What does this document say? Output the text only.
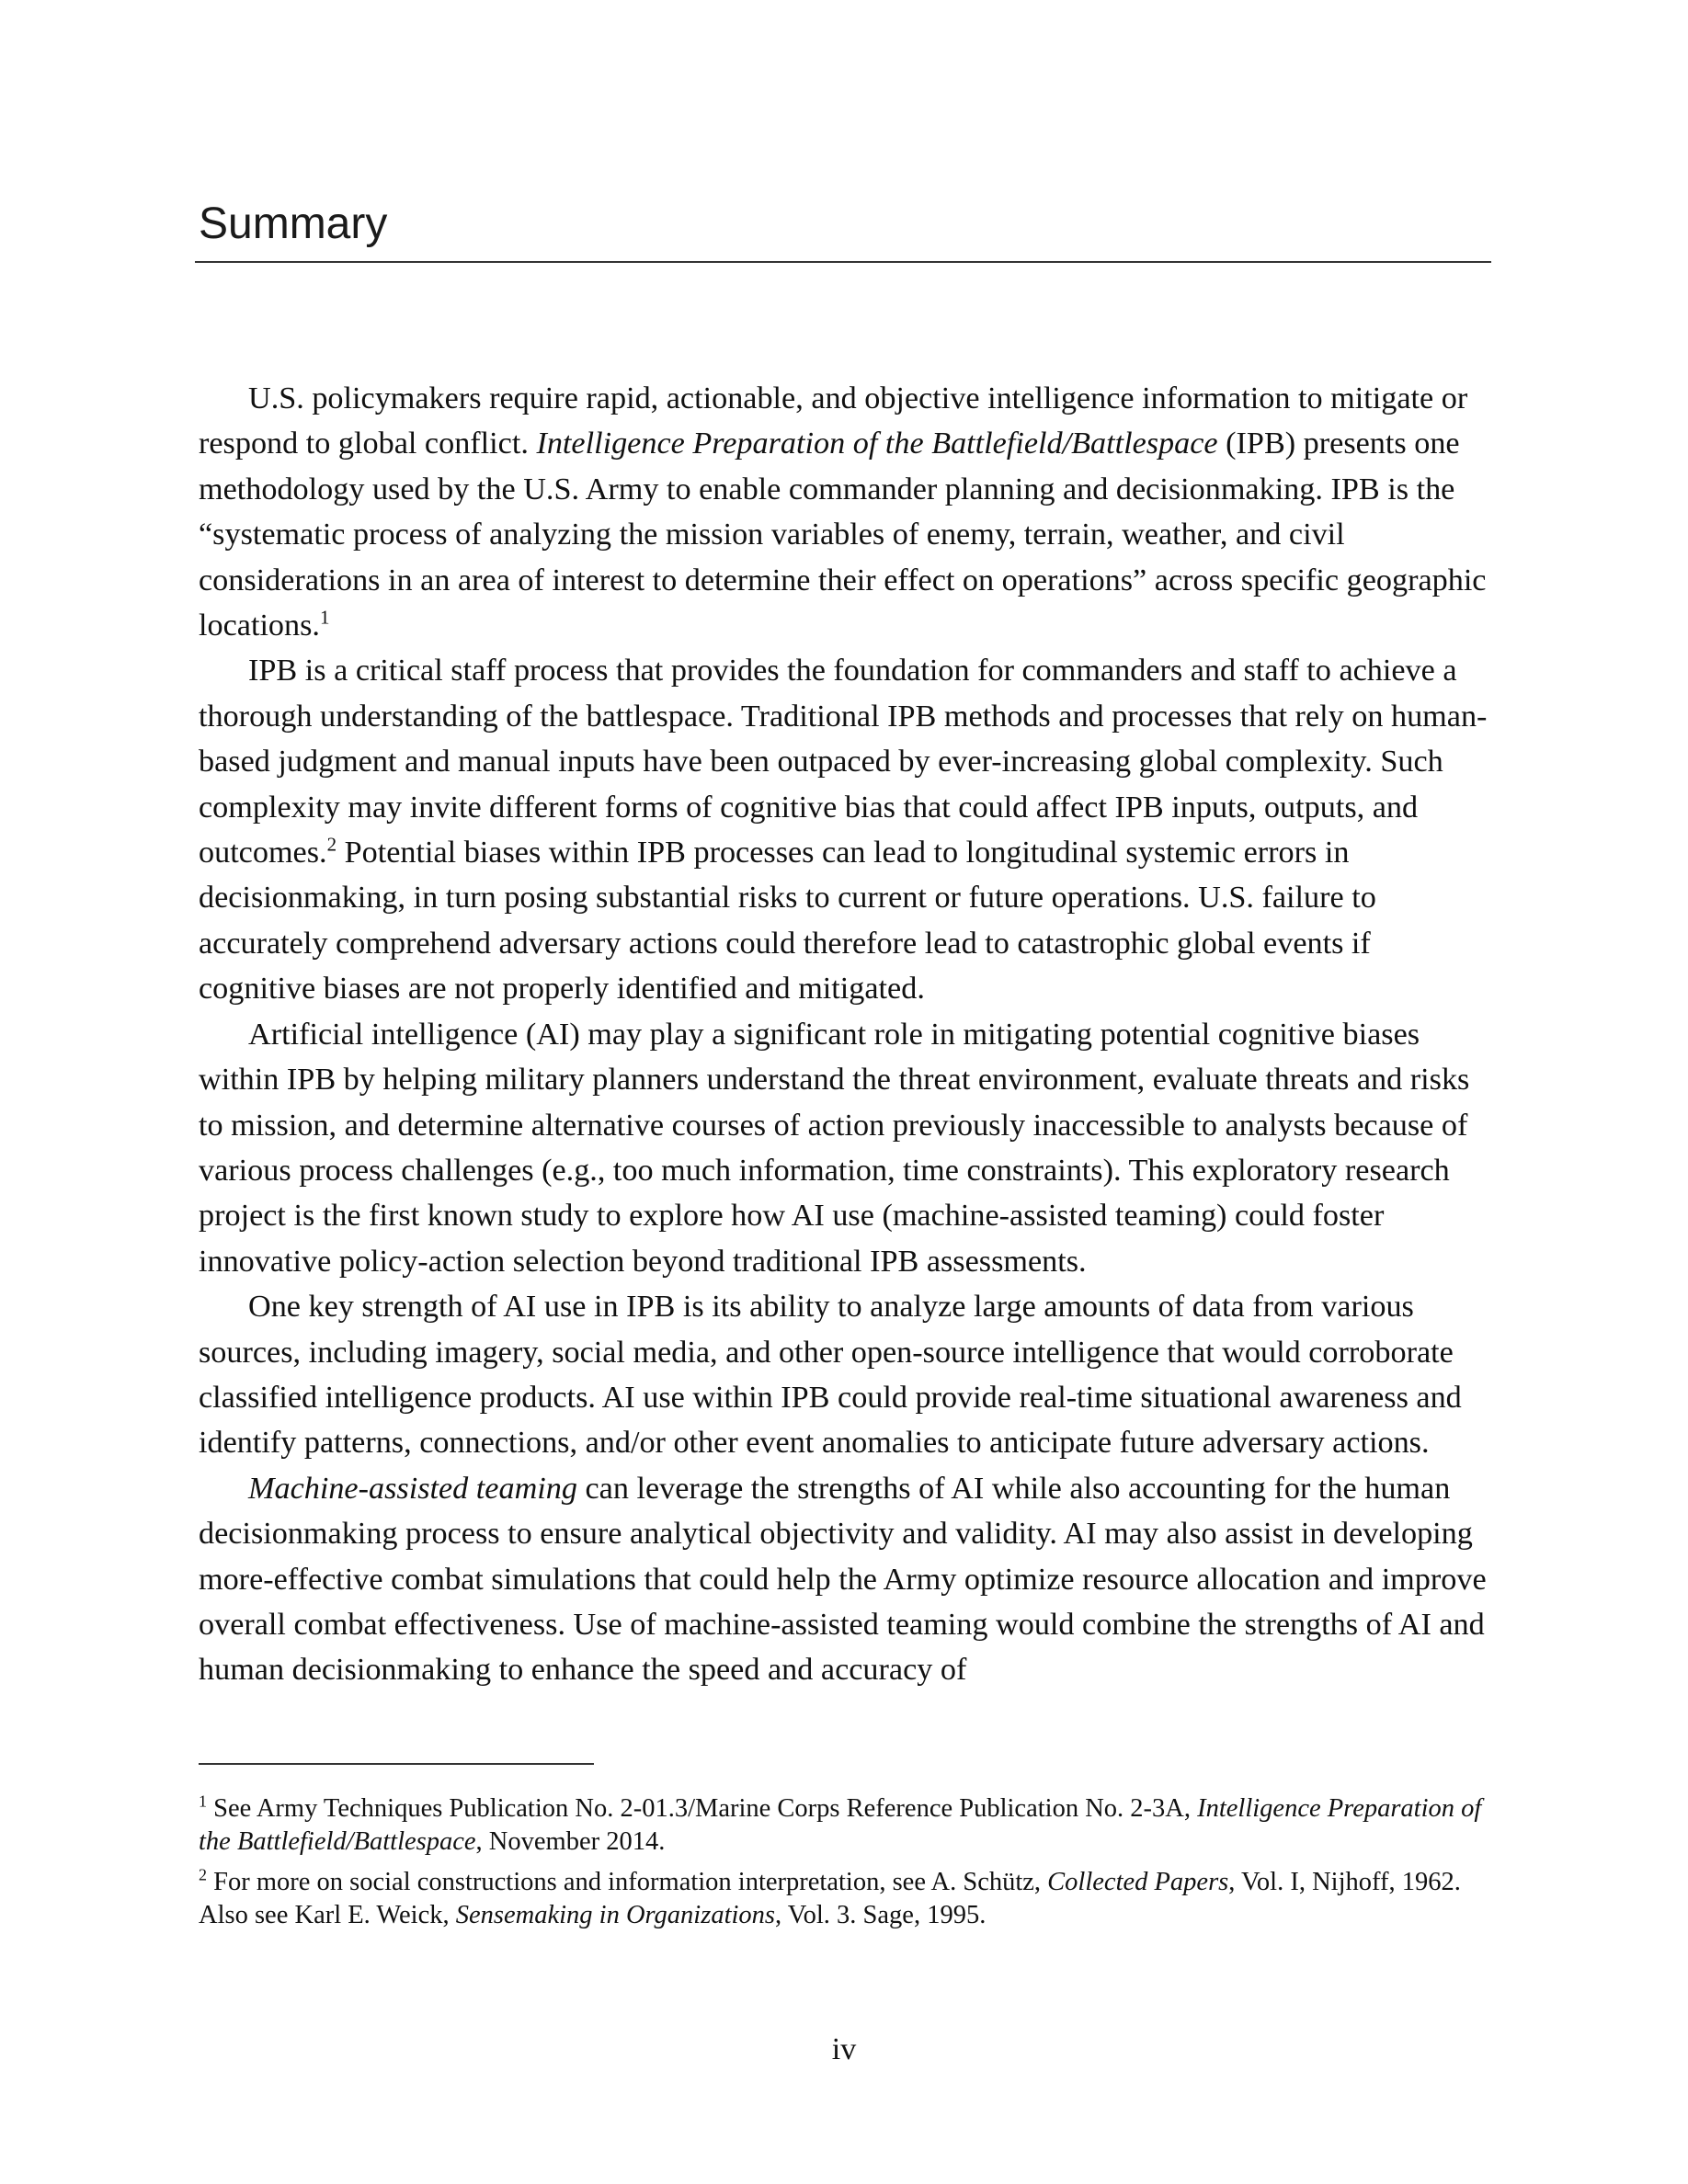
Summary

U.S. policymakers require rapid, actionable, and objective intelligence information to mitigate or respond to global conflict. Intelligence Preparation of the Battlefield/Battlespace (IPB) presents one methodology used by the U.S. Army to enable commander planning and decisionmaking. IPB is the “systematic process of analyzing the mission variables of enemy, terrain, weather, and civil considerations in an area of interest to determine their effect on operations” across specific geographic locations.$^1$

IPB is a critical staff process that provides the foundation for commanders and staff to achieve a thorough understanding of the battlespace. Traditional IPB methods and processes that rely on human-based judgment and manual inputs have been outpaced by ever-increasing global complexity. Such complexity may invite different forms of cognitive bias that could affect IPB inputs, outputs, and outcomes.$^2$ Potential biases within IPB processes can lead to longitudinal systemic errors in decisionmaking, in turn posing substantial risks to current or future operations. U.S. failure to accurately comprehend adversary actions could therefore lead to catastrophic global events if cognitive biases are not properly identified and mitigated.

Artificial intelligence (AI) may play a significant role in mitigating potential cognitive biases within IPB by helping military planners understand the threat environment, evaluate threats and risks to mission, and determine alternative courses of action previously inaccessible to analysts because of various process challenges (e.g., too much information, time constraints). This exploratory research project is the first known study to explore how AI use (machine-assisted teaming) could foster innovative policy-action selection beyond traditional IPB assessments.

One key strength of AI use in IPB is its ability to analyze large amounts of data from various sources, including imagery, social media, and other open-source intelligence that would corroborate classified intelligence products. AI use within IPB could provide real-time situational awareness and identify patterns, connections, and/or other event anomalies to anticipate future adversary actions.

Machine-assisted teaming can leverage the strengths of AI while also accounting for the human decisionmaking process to ensure analytical objectivity and validity. AI may also assist in developing more-effective combat simulations that could help the Army optimize resource allocation and improve overall combat effectiveness. Use of machine-assisted teaming would combine the strengths of AI and human decisionmaking to enhance the speed and accuracy of

$^1$ See Army Techniques Publication No. 2-01.3/Marine Corps Reference Publication No. 2-3A, Intelligence Preparation of the Battlefield/Battlespace, November 2014.

$^2$ For more on social constructions and information interpretation, see A. Schütz, Collected Papers, Vol. I, Nijhoff, 1962. Also see Karl E. Weick, Sensemaking in Organizations, Vol. 3. Sage, 1995.

iv
